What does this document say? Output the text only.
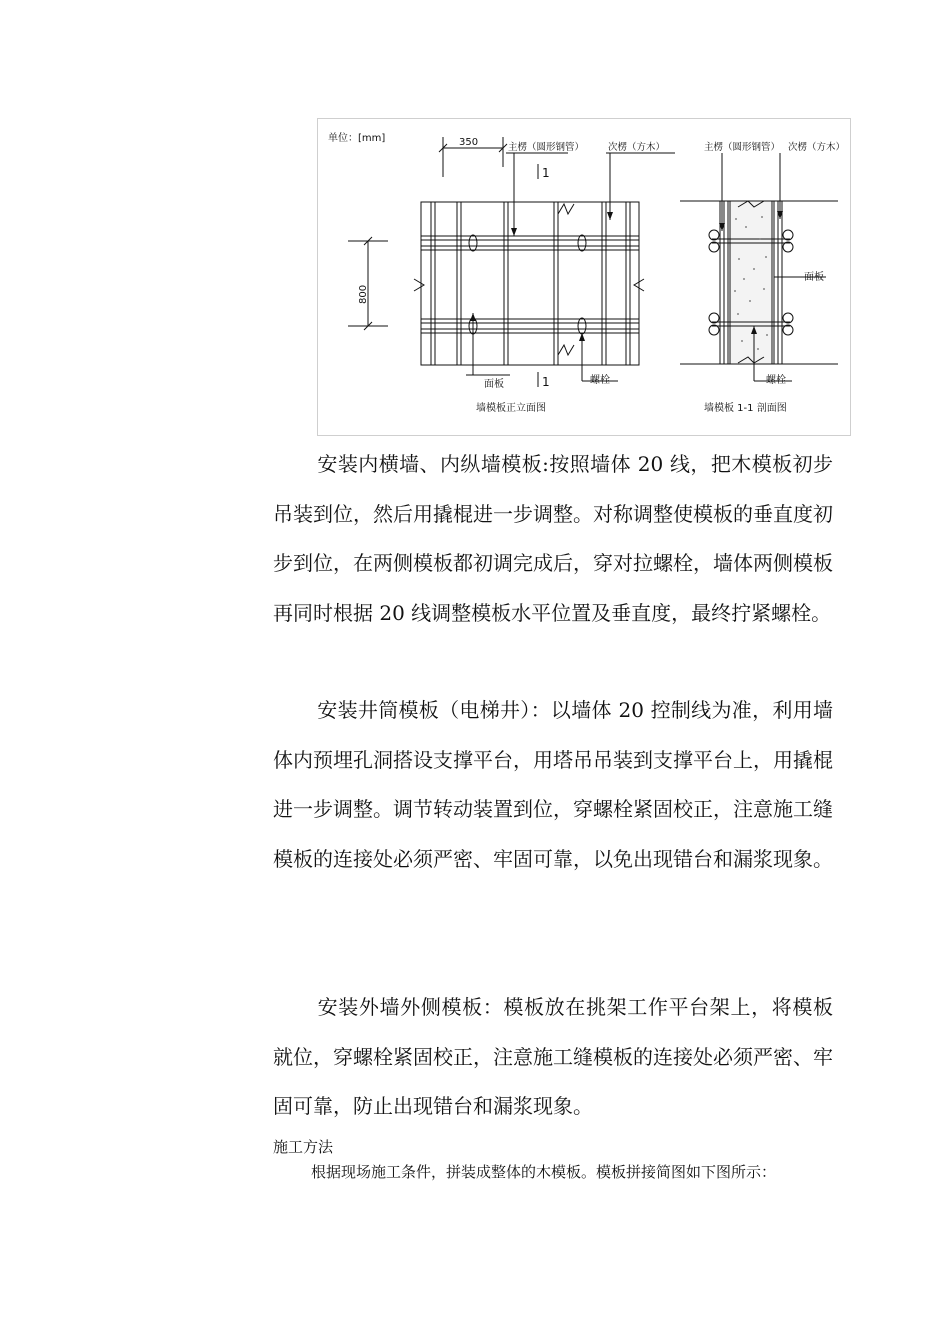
单位：[mm]	350
800
主楞（圆形钢管）	次楞（方木）
1
1
面板	螺栓
墙模板正立面图
主楞（圆形钢管） 次楞（方木）
面板
螺栓
墙模板 1-1 剖面图

安装内横墙、内纵墙模板:按照墙体 20 线，把木模板初步吊装到位，然后用撬棍进一步调整。对称调整使模板的垂直度初步到位，在两侧模板都初调完成后，穿对拉螺栓，墙体两侧模板再同时根据 20 线调整模板水平位置及垂直度，最终拧紧螺栓。

安装井筒模板（电梯井）：以墙体 20 控制线为准，利用墙体内预埋孔洞搭设支撑平台，用塔吊吊装到支撑平台上，用撬棍进一步调整。调节转动装置到位，穿螺栓紧固校正，注意施工缝模板的连接处必须严密、牢固可靠，以免出现错台和漏浆现象。

安装外墙外侧模板：模板放在挑架工作平台架上，将模板就位，穿螺栓紧固校正，注意施工缝模板的连接处必须严密、牢固可靠，防止出现错台和漏浆现象。

施工方法

根据现场施工条件，拼装成整体的木模板。模板拼接简图如下图所示：
